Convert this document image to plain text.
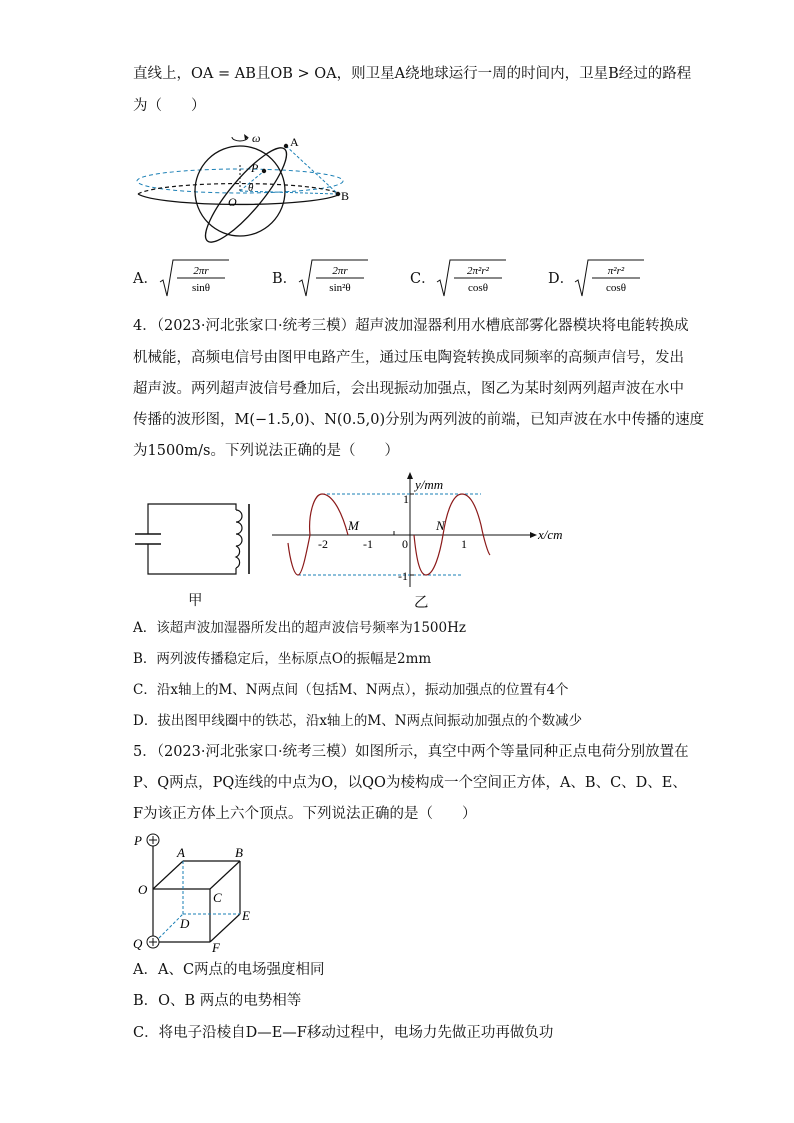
直线上，OA = AB且OB > OA，则卫星A绕地球运行一周的时间内，卫星B经过的路程
为（　　）
ω A
B
P
O
θ
A．	2πr
sinθ
B．	2πr
sin²θ
C．	2π²r²
cosθ
D．	π²r²
cosθ
4．（2023·河北张家口·统考三模）超声波加湿器利用水槽底部雾化器模块将电能转换成
机械能，高频电信号由图甲电路产生，通过压电陶瓷转换成同频率的高频声信号，发出
超声波。两列超声波信号叠加后，会出现振动加强点，图乙为某时刻两列超声波在水中
传播的波形图，M(−1.5,0)、N(0.5,0)分别为两列波的前端，已知声波在水中传播的速度
为1500m/s。下列说法正确的是（　　）
甲
y/mm
x/cm
1
-1
-2	-1 0	1
M	N
乙
A．该超声波加湿器所发出的超声波信号频率为1500Hz
B．两列波传播稳定后，坐标原点O的振幅是2mm
C．沿x轴上的M、N两点间（包括M、N两点），振动加强点的位置有4个
D．拔出图甲线圈中的铁芯，沿x轴上的M、N两点间振动加强点的个数减少
5．（2023·河北张家口·统考三模）如图所示，真空中两个等量同种正点电荷分别放置在
P、Q两点，PQ连线的中点为O，以QO为棱构成一个空间正方体，A、B、C、D、E、
F为该正方体上六个顶点。下列说法正确的是（　　）
P
Q
O
A	B
C
D
E
F
A．A、C两点的电场强度相同
B．O、B 两点的电势相等
C．将电子沿棱自D—E—F移动过程中，电场力先做正功再做负功
